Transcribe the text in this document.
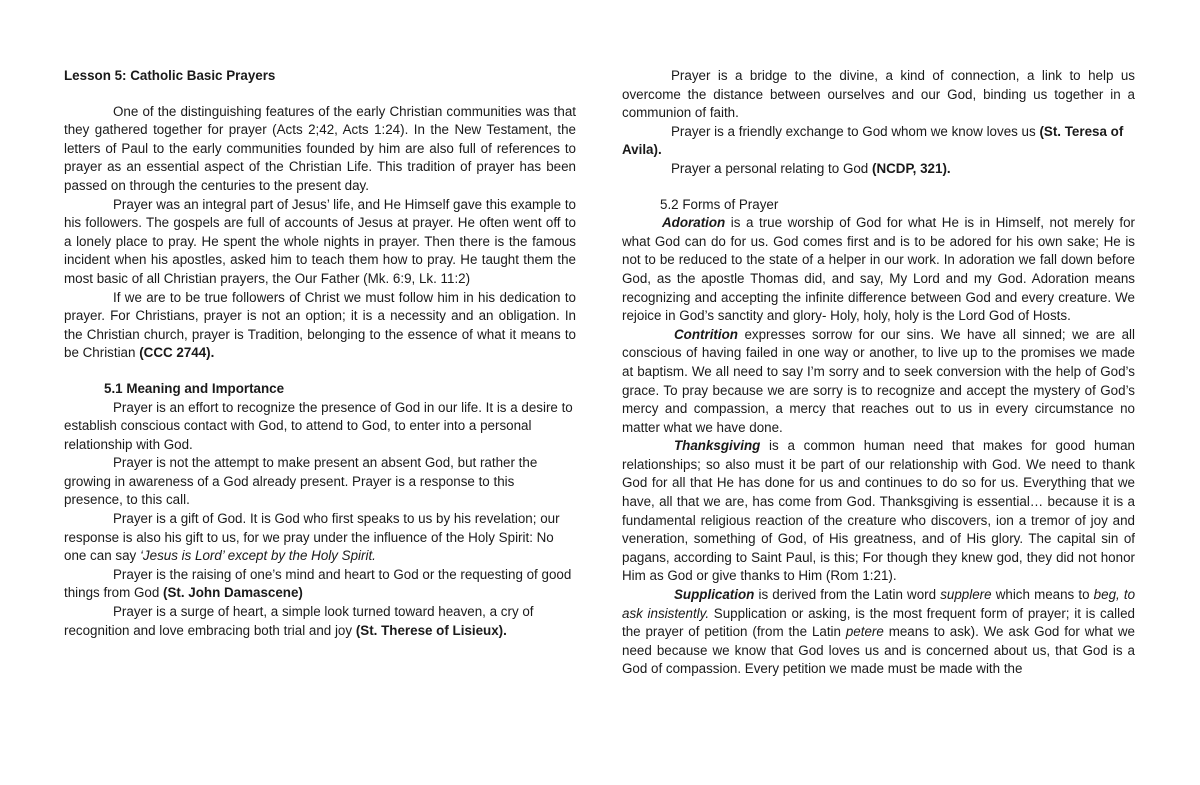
Lesson 5: Catholic Basic Prayers

One of the distinguishing features of the early Christian communities was that they gathered together for prayer (Acts 2;42, Acts 1:24). In the New Testament, the letters of Paul to the early communities founded by him are also full of references to prayer as an essential aspect of the Christian Life. This tradition of prayer has been passed on through the centuries to the present day.

Prayer was an integral part of Jesus’ life, and He Himself gave this example to his followers. The gospels are full of accounts of Jesus at prayer. He often went off to a lonely place to pray. He spent the whole nights in prayer. Then there is the famous incident when his apostles, asked him to teach them how to pray. He taught them the most basic of all Christian prayers, the Our Father (Mk. 6:9, Lk. 11:2)

If we are to be true followers of Christ we must follow him in his dedication to prayer. For Christians, prayer is not an option; it is a necessity and an obligation. In the Christian church, prayer is Tradition, belonging to the essence of what it means to be Christian (CCC 2744).

5.1 Meaning and Importance

Prayer is an effort to recognize the presence of God in our life. It is a desire to establish conscious contact with God, to attend to God, to enter into a personal relationship with God.

Prayer is not the attempt to make present an absent God, but rather the growing in awareness of a God already present. Prayer is a response to this presence, to this call.

Prayer is a gift of God. It is God who first speaks to us by his revelation; our response is also his gift to us, for we pray under the influence of the Holy Spirit: No one can say ‘Jesus is Lord’ except by the Holy Spirit.

Prayer is the raising of one’s mind and heart to God or the requesting of good things from God (St. John Damascene)

Prayer is a surge of heart, a simple look turned toward heaven, a cry of recognition and love embracing both trial and joy (St. Therese of Lisieux).

Prayer is a bridge to the divine, a kind of connection, a link to help us overcome the distance between ourselves and our God, binding us together in a communion of faith.

Prayer is a friendly exchange to God whom we know loves us (St. Teresa of Avila).

Prayer a personal relating to God (NCDP, 321).

5.2 Forms of Prayer

Adoration is a true worship of God for what He is in Himself, not merely for what God can do for us. God comes first and is to be adored for his own sake; He is not to be reduced to the state of a helper in our work. In adoration we fall down before God, as the apostle Thomas did, and say, My Lord and my God. Adoration means recognizing and accepting the infinite difference between God and every creature. We rejoice in God’s sanctity and glory- Holy, holy, holy is the Lord God of Hosts.

Contrition expresses sorrow for our sins. We have all sinned; we are all conscious of having failed in one way or another, to live up to the promises we made at baptism. We all need to say I’m sorry and to seek conversion with the help of God’s grace. To pray because we are sorry is to recognize and accept the mystery of God’s mercy and compassion, a mercy that reaches out to us in every circumstance no matter what we have done.

Thanksgiving is a common human need that makes for good human relationships; so also must it be part of our relationship with God. We need to thank God for all that He has done for us and continues to do so for us. Everything that we have, all that we are, has come from God. Thanksgiving is essential… because it is a fundamental religious reaction of the creature who discovers, ion a tremor of joy and veneration, something of God, of His greatness, and of His glory. The capital sin of pagans, according to Saint Paul, is this; For though they knew god, they did not honor Him as God or give thanks to Him (Rom 1:21).

Supplication is derived from the Latin word supplere which means to beg, to ask insistently. Supplication or asking, is the most frequent form of prayer; it is called the prayer of petition (from the Latin petere means to ask). We ask God for what we need because we know that God loves us and is concerned about us, that God is a God of compassion. Every petition we made must be made with the
